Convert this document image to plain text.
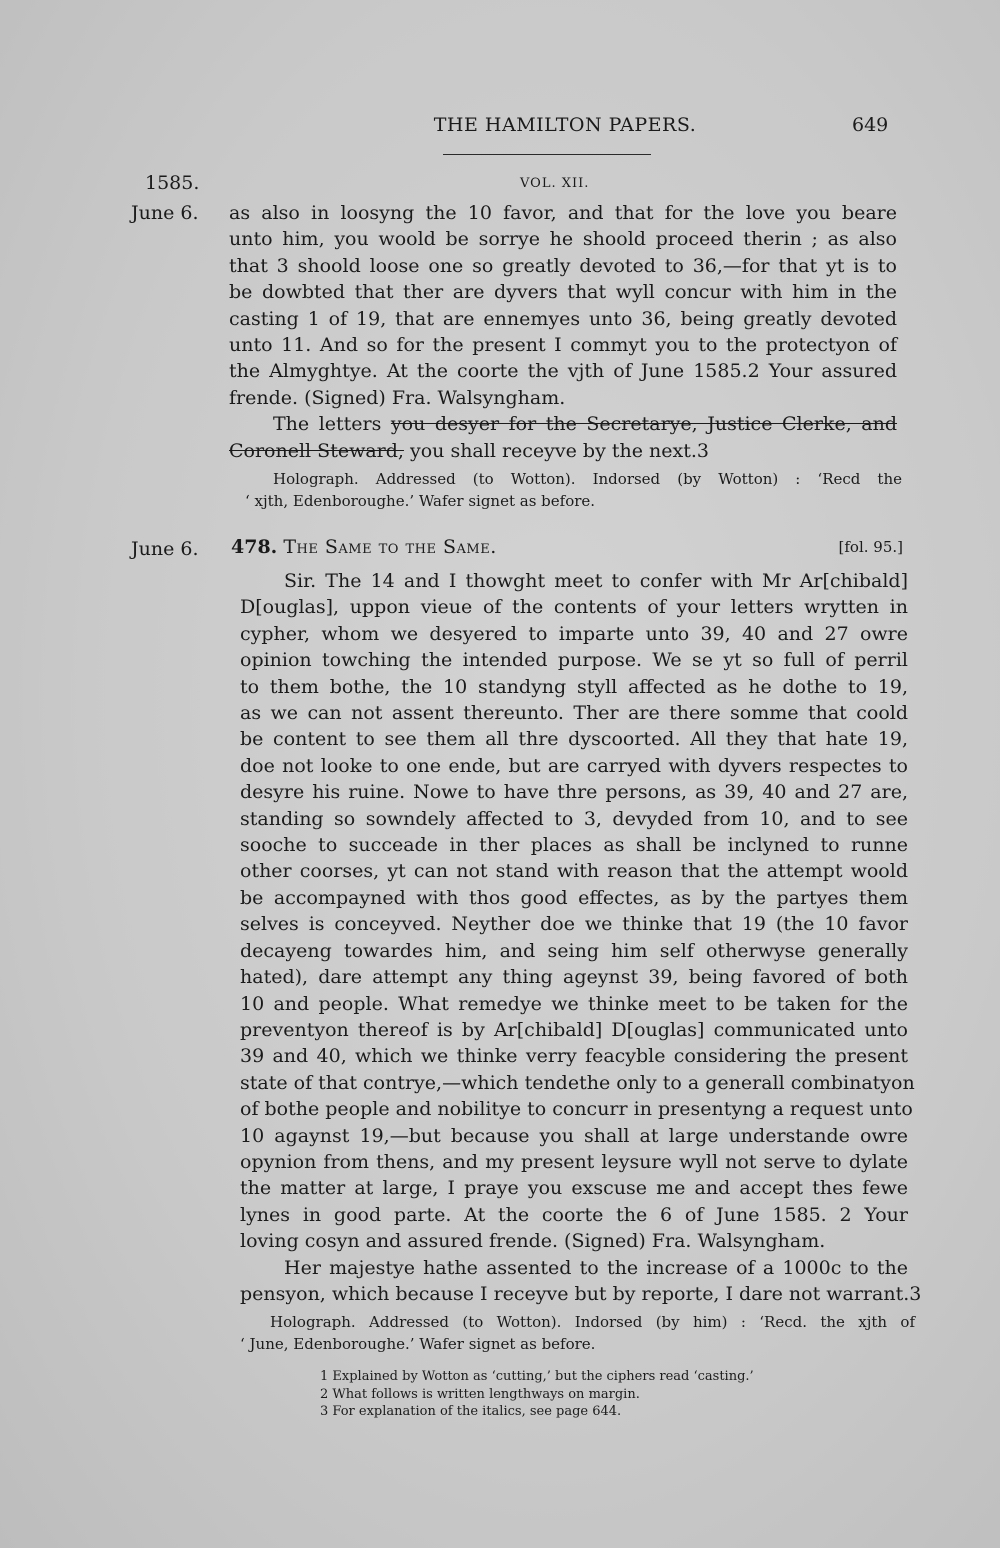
THE HAMILTON PAPERS.	649
1585.	VOL. XII.
June 6. as also in loosyng the 10 favor, and that for the love you beare
unto him, you woold be sorrye he shoold proceed therin ; as also
that 3 shoold loose one so greatly devoted to 36,—for that yt is to
be dowbted that ther are dyvers that wyll concur with him in the
casting 1 of 19, that are ennemyes unto 36, being greatly devoted
unto 11. And so for the present I commyt you to the protectyon of
the Almyghtye. At the coorte the vjth of June 1585.2 Your assured
frende. (Signed) Fra. Walsyngham.
The letters you desyer for the Secretarye, Justice Clerke, and
Coronell Steward, you shall receyve by the next.3
Holograph. Addressed (to Wotton). Indorsed (by Wotton) : ‘Recd the
‘ xjth, Edenboroughe.’ Wafer signet as before.
June 6. 478. The Same to the Same.	[fol. 95.]
Sir. The 14 and I thowght meet to confer with Mr Ar[chibald]
D[ouglas], uppon vieue of the contents of your letters wrytten in
cypher, whom we desyered to imparte unto 39, 40 and 27 owre
opinion towching the intended purpose. We se yt so full of perril
to them bothe, the 10 standyng styll affected as he dothe to 19,
as we can not assent thereunto. Ther are there somme that coold
be content to see them all thre dyscoorted. All they that hate 19,
doe not looke to one ende, but are carryed with dyvers respectes to
desyre his ruine. Nowe to have thre persons, as 39, 40 and 27 are,
standing so sowndely affected to 3, devyded from 10, and to see
sooche to succeade in ther places as shall be inclyned to runne
other coorses, yt can not stand with reason that the attempt woold
be accompayned with thos good effectes, as by the partyes them
selves is conceyved. Neyther doe we thinke that 19 (the 10 favor
decayeng towardes him, and seing him self otherwyse generally
hated), dare attempt any thing ageynst 39, being favored of both
10 and people. What remedye we thinke meet to be taken for the
preventyon thereof is by Ar[chibald] D[ouglas] communicated unto
39 and 40, which we thinke verry feacyble considering the present
state of that contrye,—which tendethe only to a generall combinatyon
of bothe people and nobilitye to concurr in presentyng a request unto
10 agaynst 19,—but because you shall at large understande owre
opynion from thens, and my present leysure wyll not serve to dylate
the matter at large, I praye you exscuse me and accept thes fewe
lynes in good parte. At the coorte the 6 of June 1585. 2 Your
loving cosyn and assured frende. (Signed) Fra. Walsyngham.
Her majestye hathe assented to the increase of a 1000c to the
pensyon, which because I receyve but by reporte, I dare not warrant.3
Holograph. Addressed (to Wotton). Indorsed (by him) : ‘Recd. the xjth of
‘ June, Edenboroughe.’ Wafer signet as before.
1 Explained by Wotton as ‘cutting,’ but the ciphers read ‘casting.’
2 What follows is written lengthways on margin.
3 For explanation of the italics, see page 644.
